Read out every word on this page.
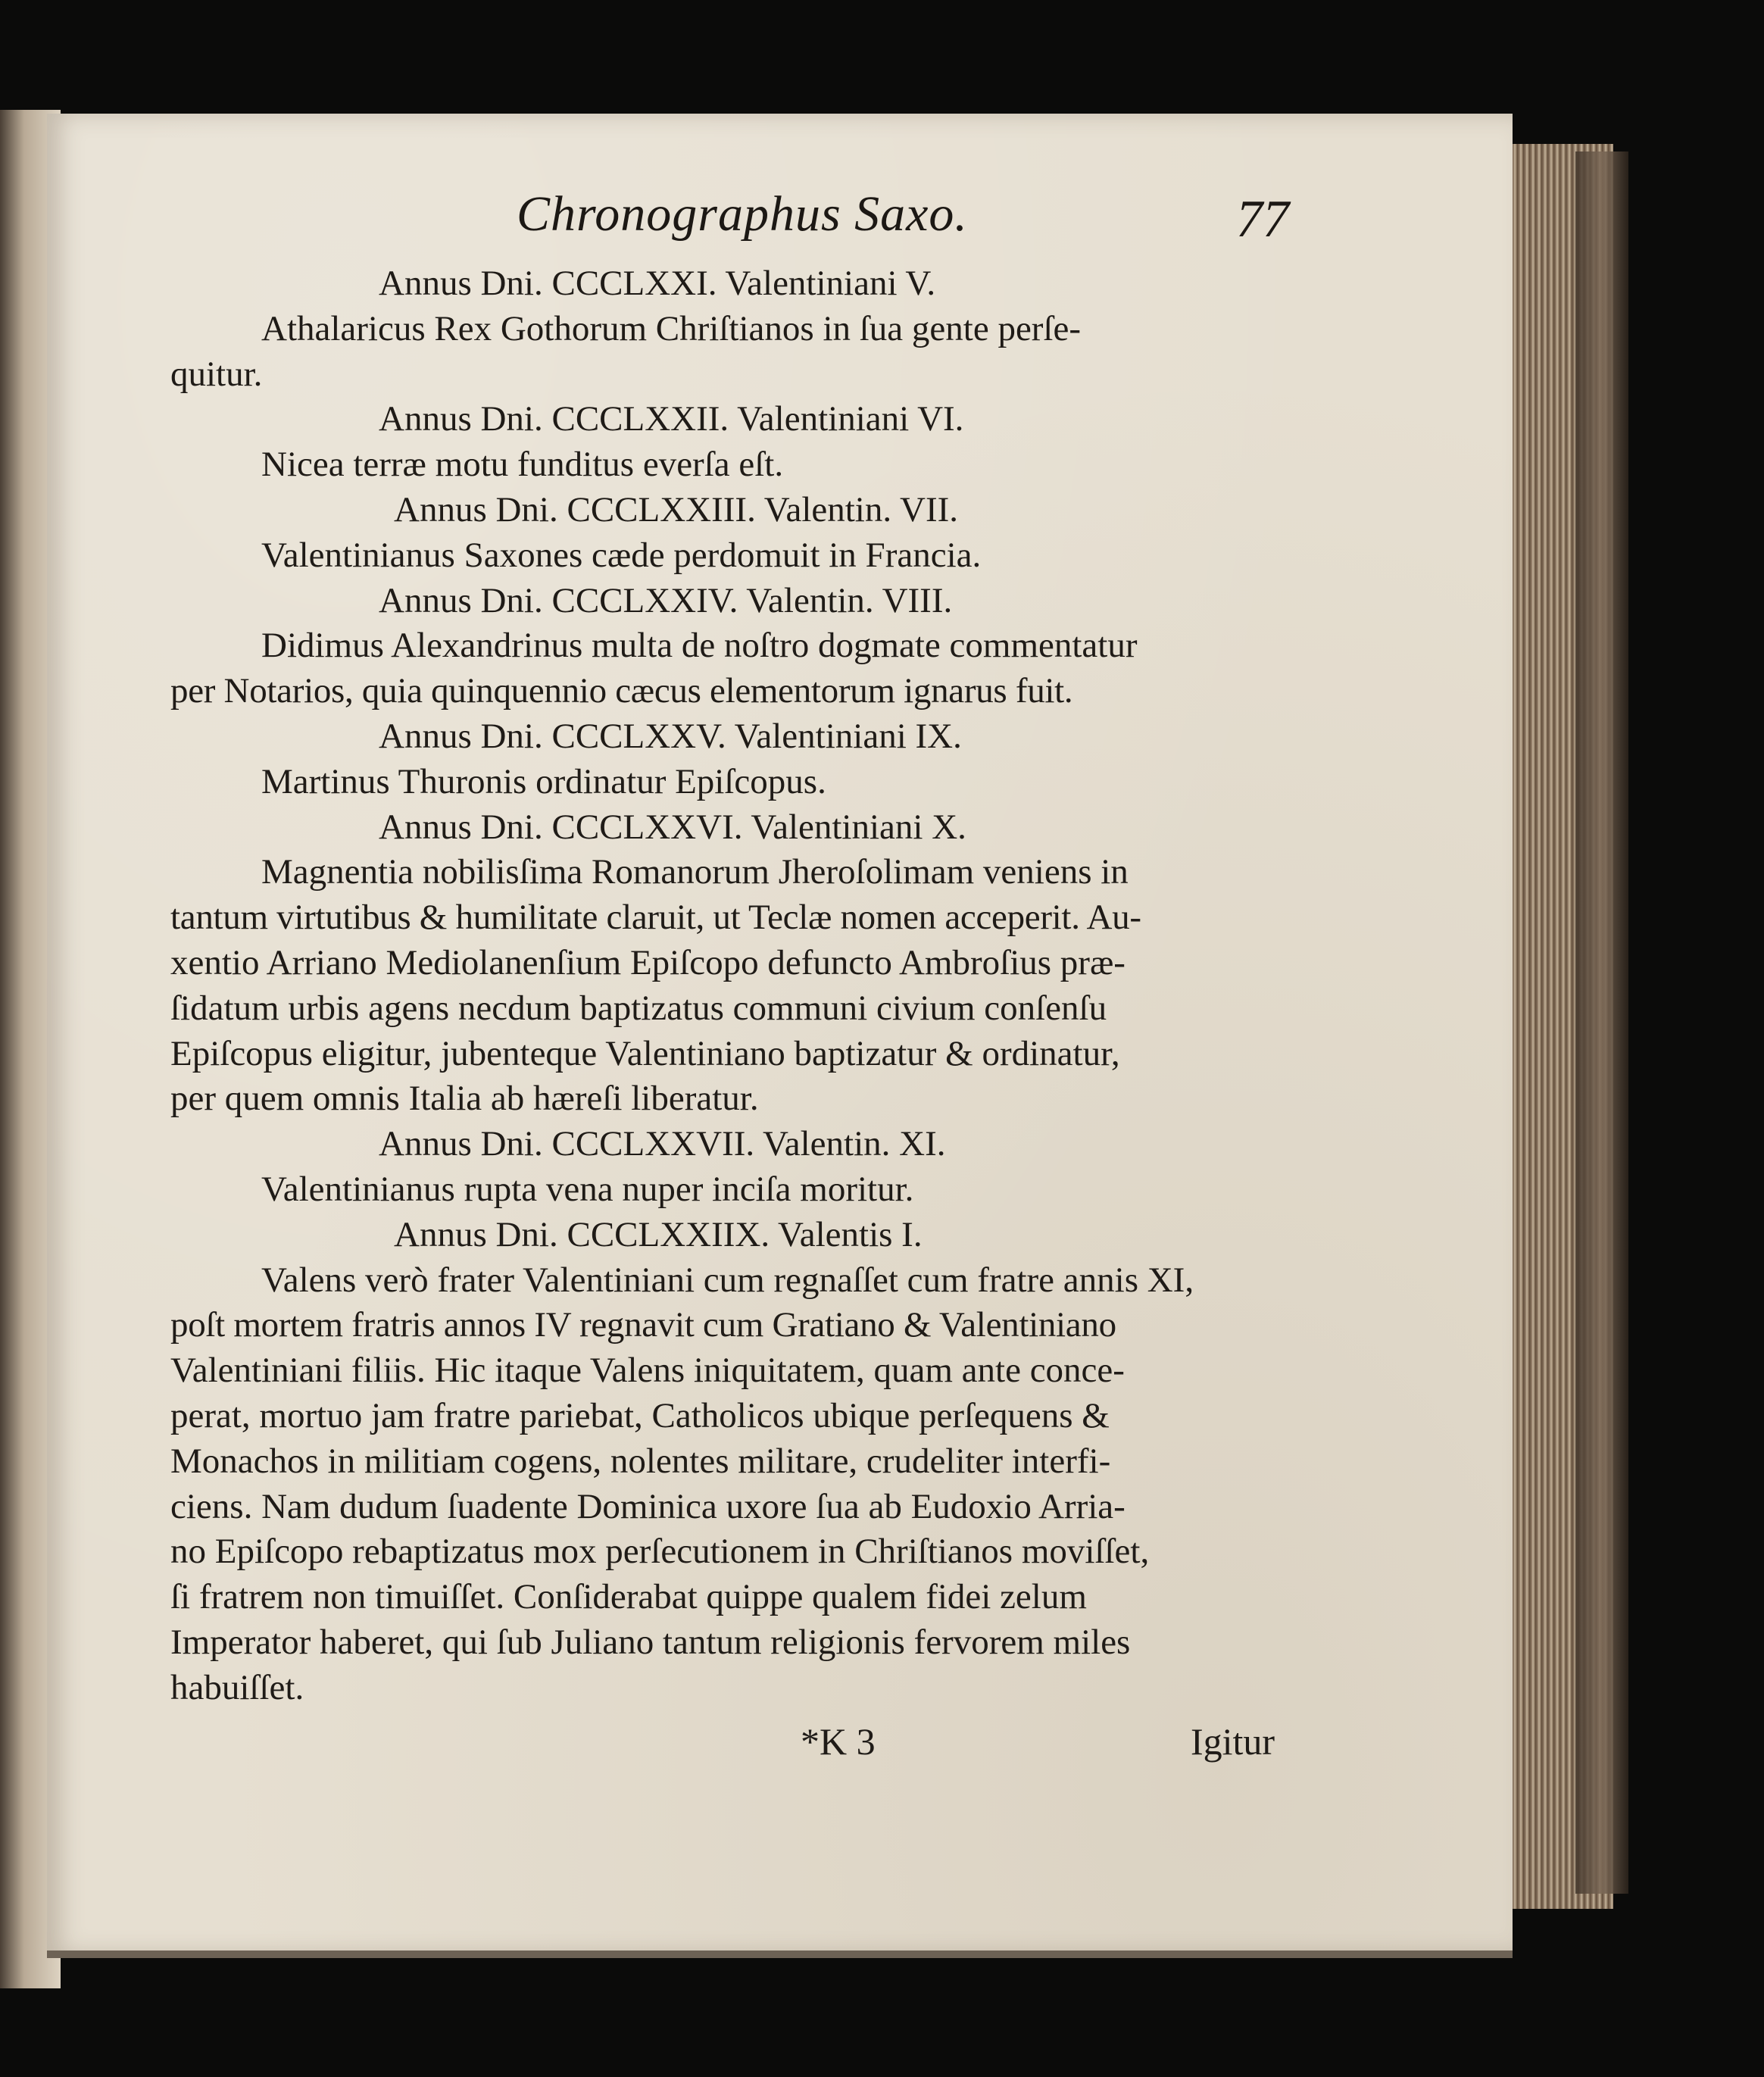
Chronographus Saxo.	77
Annus Dni. CCCLXXI. Valentiniani V.
Athalaricus Rex Gothorum Chriſtianos in ſua gente perſe-
quitur.
Annus Dni. CCCLXXII. Valentiniani VI.
Nicea terræ motu funditus everſa eſt.
Annus Dni. CCCLXXIII. Valentin. VII.
Valentinianus Saxones cæde perdomuit in Francia.
Annus Dni. CCCLXXIV. Valentin. VIII.
Didimus Alexandrinus multa de noſtro dogmate commentatur
per Notarios, quia quinquennio cæcus elementorum ignarus fuit.
Annus Dni. CCCLXXV. Valentiniani IX.
Martinus Thuronis ordinatur Epiſcopus.
Annus Dni. CCCLXXVI. Valentiniani X.
Magnentia nobilisſima Romanorum Jheroſolimam veniens in
tantum virtutibus & humilitate claruit, ut Teclæ nomen acceperit. Au-
xentio Arriano Mediolanenſium Epiſcopo defuncto Ambroſius præ-
ſidatum urbis agens necdum baptizatus communi civium conſenſu
Epiſcopus eligitur, jubenteque Valentiniano baptizatur & ordinatur,
per quem omnis Italia ab hæreſi liberatur.
Annus Dni. CCCLXXVII. Valentin. XI.
Valentinianus rupta vena nuper inciſa moritur.
Annus Dni. CCCLXXIIX. Valentis I.
Valens verò frater Valentiniani cum regnaſſet cum fratre annis XI,
poſt mortem fratris annos IV regnavit cum Gratiano & Valentiniano
Valentiniani filiis. Hic itaque Valens iniquitatem, quam ante conce-
perat, mortuo jam fratre pariebat, Catholicos ubique perſequens &
Monachos in militiam cogens, nolentes militare, crudeliter interfi-
ciens. Nam dudum ſuadente Dominica uxore ſua ab Eudoxio Arria-
no Epiſcopo rebaptizatus mox perſecutionem in Chriſtianos moviſſet,
ſi fratrem non timuiſſet. Conſiderabat quippe qualem fidei zelum
Imperator haberet, qui ſub Juliano tantum religionis fervorem miles
habuiſſet.
*K 3	Igitur
